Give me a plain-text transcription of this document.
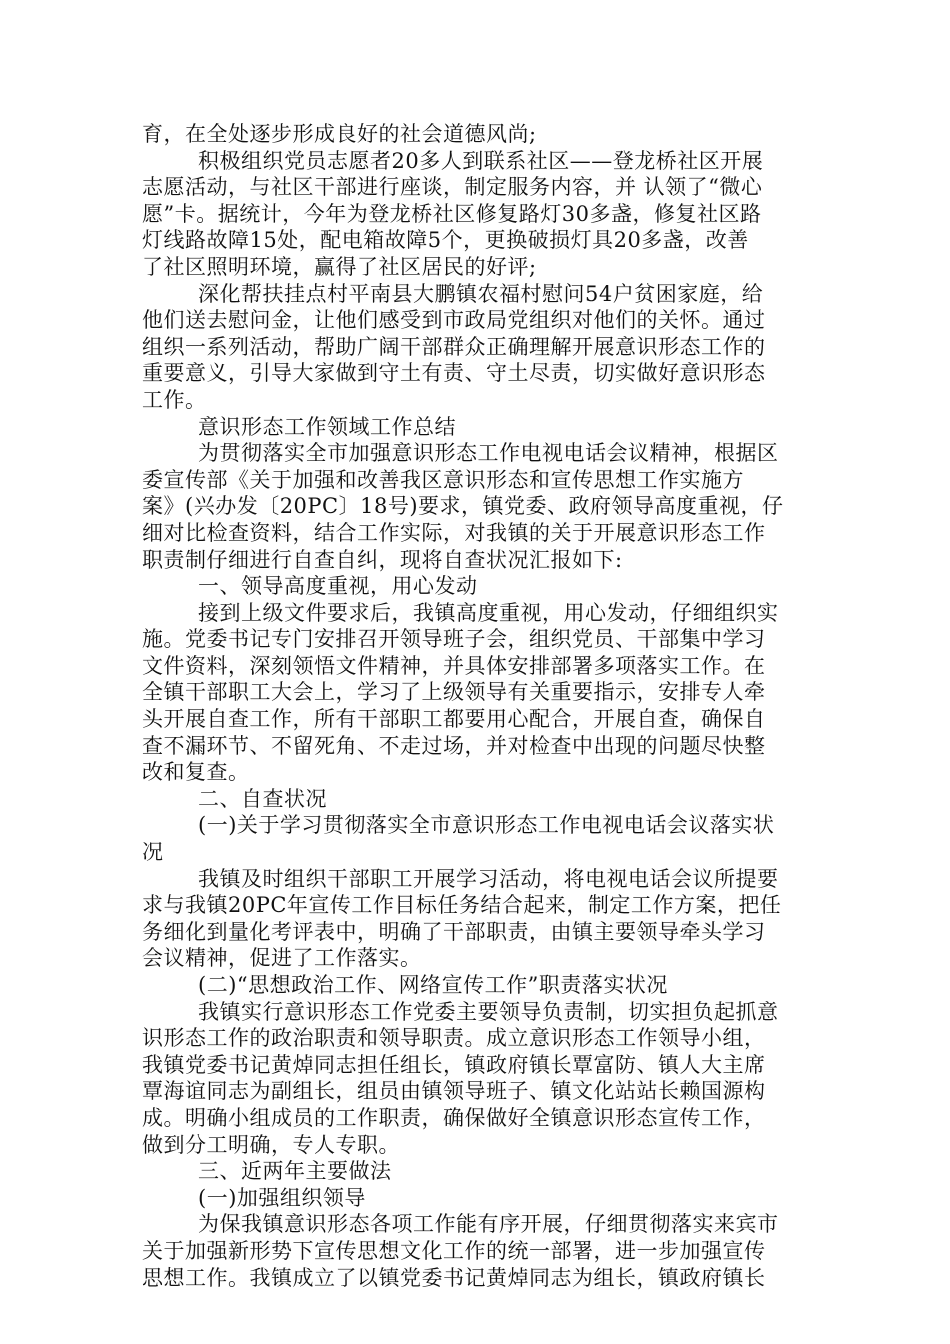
育，在全处逐步形成良好的社会道德风尚;
积极组织党员志愿者20多人到联系社区——登龙桥社区开展
志愿活动，与社区干部进行座谈，制定服务内容，并 认领了“微心
愿”卡。据统计，今年为登龙桥社区修复路灯30多盏，修复社区路
灯线路故障15处，配电箱故障5个，更换破损灯具20多盏，改善
了社区照明环境，赢得了社区居民的好评;
深化帮扶挂点村平南县大鹏镇农福村慰问54户贫困家庭，给
他们送去慰问金，让他们感受到市政局党组织对他们的关怀。通过
组织一系列活动，帮助广阔干部群众正确理解开展意识形态工作的
重要意义，引导大家做到守土有责、守土尽责，切实做好意识形态
工作。
意识形态工作领域工作总结
为贯彻落实全市加强意识形态工作电视电话会议精神，根据区
委宣传部《关于加强和改善我区意识形态和宣传思想工作实施方
案》(兴办发〔20PC〕18号)要求，镇党委、政府领导高度重视，仔
细对比检查资料，结合工作实际，对我镇的关于开展意识形态工作
职责制仔细进行自查自纠，现将自查状况汇报如下:
一、领导高度重视，用心发动
接到上级文件要求后，我镇高度重视，用心发动，仔细组织实
施。党委书记专门安排召开领导班子会，组织党员、干部集中学习
文件资料，深刻领悟文件精神，并具体安排部署多项落实工作。在
全镇干部职工大会上，学习了上级领导有关重要指示，安排专人牵
头开展自查工作，所有干部职工都要用心配合，开展自查，确保自
查不漏环节、不留死角、不走过场，并对检查中出现的问题尽快整
改和复查。
二、自查状况
(一)关于学习贯彻落实全市意识形态工作电视电话会议落实状
况
我镇及时组织干部职工开展学习活动，将电视电话会议所提要
求与我镇20PC年宣传工作目标任务结合起来，制定工作方案，把任
务细化到量化考评表中，明确了干部职责，由镇主要领导牵头学习
会议精神，促进了工作落实。
(二)“思想政治工作、网络宣传工作”职责落实状况
我镇实行意识形态工作党委主要领导负责制，切实担负起抓意
识形态工作的政治职责和领导职责。成立意识形态工作领导小组，
我镇党委书记黄焯同志担任组长，镇政府镇长覃富防、镇人大主席
覃海谊同志为副组长，组员由镇领导班子、镇文化站站长赖国源构
成。明确小组成员的工作职责，确保做好全镇意识形态宣传工作，
做到分工明确，专人专职。
三、近两年主要做法
(一)加强组织领导
为保我镇意识形态各项工作能有序开展，仔细贯彻落实来宾市
关于加强新形势下宣传思想文化工作的统一部署，进一步加强宣传
思想工作。我镇成立了以镇党委书记黄焯同志为组长，镇政府镇长
